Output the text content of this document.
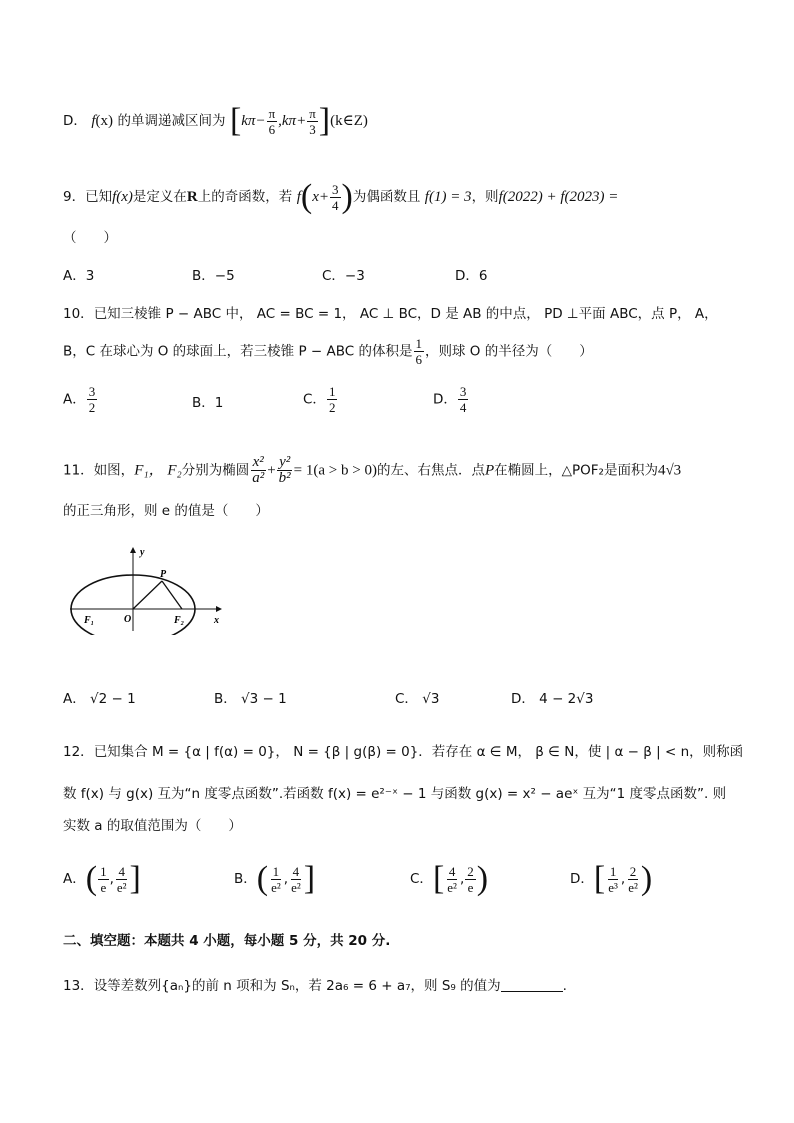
D． f(x) 的单调递减区间为 [$k\pi- \frac{\pi}{6} ,k\pi+ \frac{\pi}{3}$ ](k∈Z)
9．已知f(x)是定义在R上的奇函数，若 $f(x+ \frac{3}{4}$ )为偶函数且 f(1) = 3，则f(2022) + f(2023) =
（　　）
A．3	B．−5	C．−3	D．6
10．已知三棱锥 P − ABC 中， AC = BC = 1， AC ⊥ BC，D 是 AB 的中点， PD ⊥平面 ABC，点 P， A，
B，C 在球心为 O 的球面上，若三棱锥 P − ABC 的体积是 $\frac{1}{6}$ ，则球 O 的半径为（　　）
A． $\frac{3}{2}$	B．1	C． $\frac{1}{2}$	D． $\frac{3}{4}$
11．如图，F₁， F₂分别为椭圆 $\frac{\text{x²}}{\text{a²}} + \frac{\text{y²}}{\text{b²}} = 1(a > b > 0)$的左、右焦点．点P在椭圆上，△POF₂是面积为4√3
的正三角形，则 e 的值是（　　）
y
x
P
O
F₁	F₂
A． √2 − 1	B． √3 − 1	C． √3	D． 4 − 2√3
12．已知集合 M = {α | f(α) = 0}， N = {β | g(β) = 0}．若存在 α ∈ M， β ∈ N，使 | α − β | < n，则称函
数 f(x) 与 g(x) 互为“n 度零点函数”.若函数 f(x) = e²⁻ˣ − 1 与函数 g(x) = x² − aeˣ 互为“1 度零点函数”. 则
实数 a 的取值范围为（　　）
A．( $\frac{1}{e}$ , $\frac{4}{\text{e²}}$ ]	B．( $\frac{1}{\text{e²}}$ , $\frac{4}{\text{e²}}$ ]	C．[ $\frac{4}{\text{e²}}$ , $\frac{2}{e}$ )	D．[ $\frac{1}{\text{e³}}$ , $\frac{2}{\text{e²}}$ )
二、填空题：本题共 4 小题，每小题 5 分，共 20 分.
13．设等差数列{aₙ}的前 n 项和为 Sₙ，若 2a₆ = 6 + a₇，则 S₉ 的值为	.
